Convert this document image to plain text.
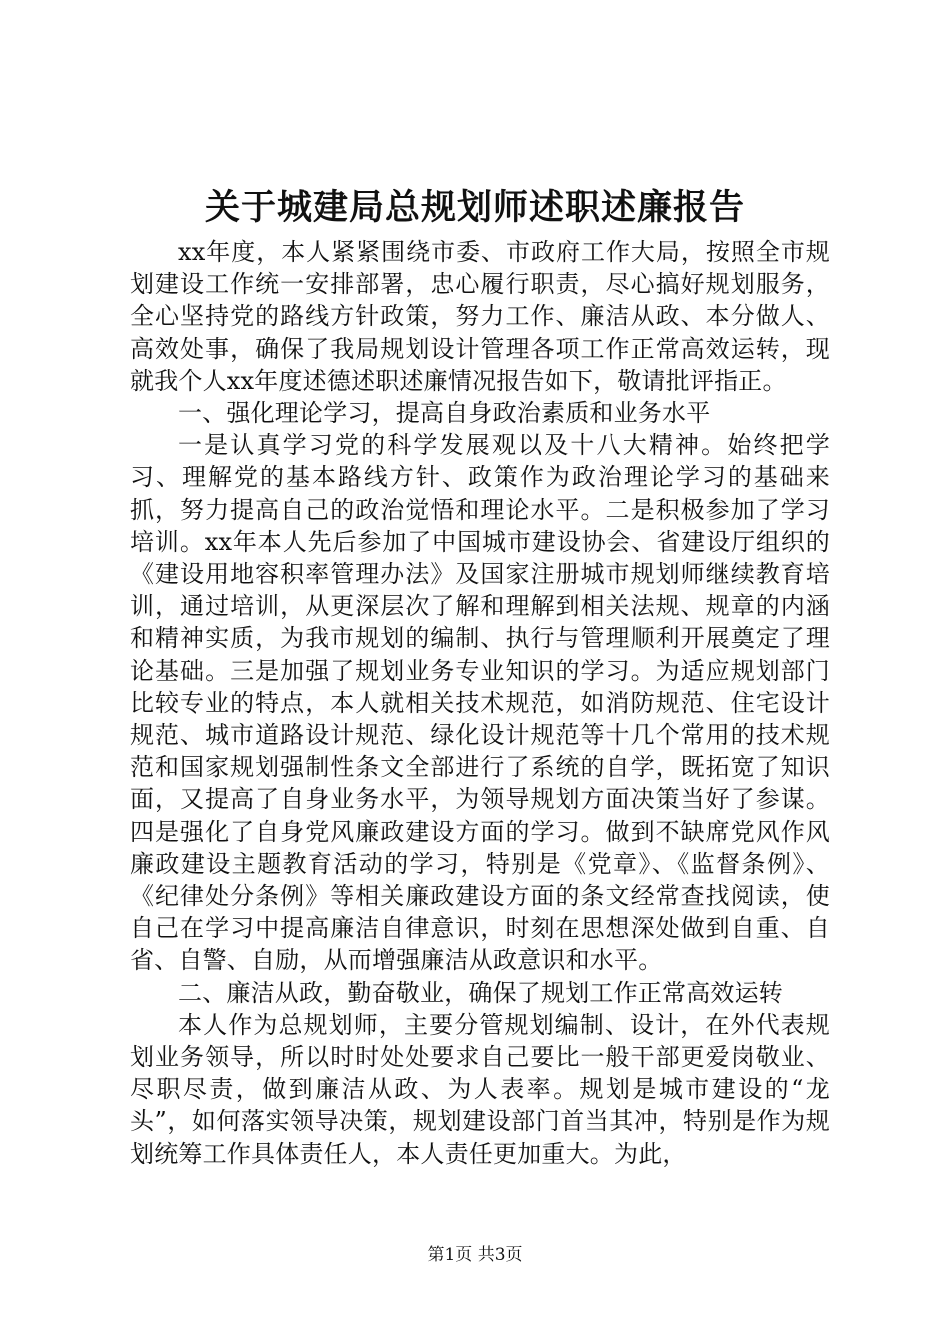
关于城建局总规划师述职述廉报告

xx年度，本人紧紧围绕市委、市政府工作大局，按照全市规划建设工作统一安排部署，忠心履行职责，尽心搞好规划服务，全心坚持党的路线方针政策，努力工作、廉洁从政、本分做人、高效处事，确保了我局规划设计管理各项工作正常高效运转，现就我个人xx年度述德述职述廉情况报告如下，敬请批评指正。

一、强化理论学习，提高自身政治素质和业务水平

一是认真学习党的科学发展观以及十八大精神。始终把学习、理解党的基本路线方针、政策作为政治理论学习的基础来抓，努力提高自己的政治觉悟和理论水平。二是积极参加了学习培训。xx年本人先后参加了中国城市建设协会、省建设厅组织的《建设用地容积率管理办法》及国家注册城市规划师继续教育培训，通过培训，从更深层次了解和理解到相关法规、规章的内涵和精神实质，为我市规划的编制、执行与管理顺利开展奠定了理论基础。三是加强了规划业务专业知识的学习。为适应规划部门比较专业的特点，本人就相关技术规范，如消防规范、住宅设计规范、城市道路设计规范、绿化设计规范等十几个常用的技术规范和国家规划强制性条文全部进行了系统的自学，既拓宽了知识面，又提高了自身业务水平，为领导规划方面决策当好了参谋。四是强化了自身党风廉政建设方面的学习。做到不缺席党风作风廉政建设主题教育活动的学习，特别是《党章》、《监督条例》、《纪律处分条例》等相关廉政建设方面的条文经常查找阅读，使自己在学习中提高廉洁自律意识，时刻在思想深处做到自重、自省、自警、自励，从而增强廉洁从政意识和水平。

二、廉洁从政，勤奋敬业，确保了规划工作正常高效运转

本人作为总规划师，主要分管规划编制、设计，在外代表规划业务领导，所以时时处处要求自己要比一般干部更爱岗敬业、尽职尽责，做到廉洁从政、为人表率。规划是城市建设的“龙头”，如何落实领导决策，规划建设部门首当其冲，特别是作为规划统筹工作具体责任人，本人责任更加重大。为此，

第1页 共3页
